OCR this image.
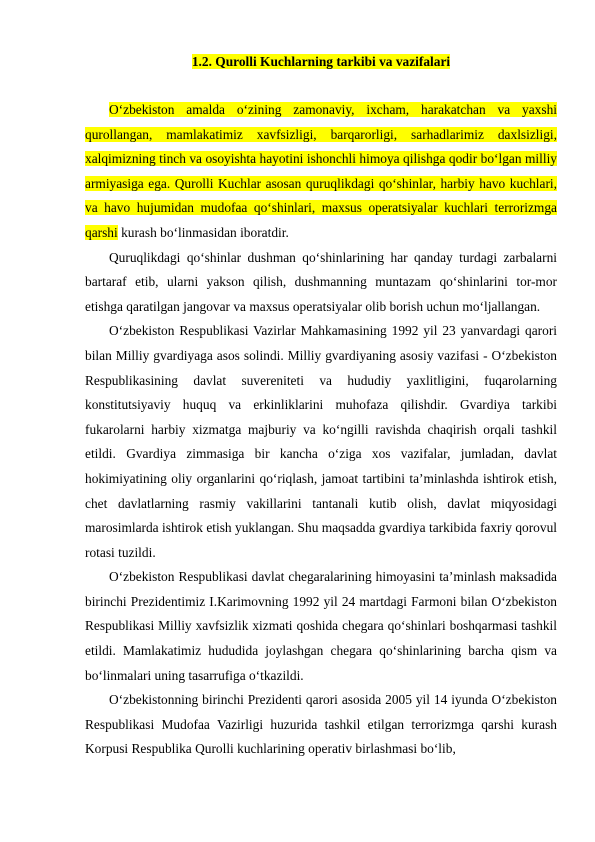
1.2. Qurolli Kuchlarning tarkibi va vazifalari

O‘zbekiston amalda o‘zining zamonaviy, ixcham, harakatchan va yaxshi qurollangan, mamlakatimiz xavfsizligi, barqarorligi, sarhadlarimiz daxlsizligi, xalqimizning tinch va osoyishta hayotini ishonchli himoya qilishga qodir bo‘lgan milliy armiyasiga ega. Qurolli Kuchlar asosan quruqlikdagi qo‘shinlar, harbiy havo kuchlari, va havo hujumidan mudofaa qo‘shinlari, maxsus operatsiyalar kuchlari terrorizmga qarshi kurash bo‘linmasidan iboratdir.

Quruqlikdagi qo‘shinlar dushman qo‘shinlarining har qanday turdagi zarbalarni bartaraf etib, ularni yakson qilish, dushmanning muntazam qo‘shinlarini tor-mor etishga qaratilgan jangovar va maxsus operatsiyalar olib borish uchun mo‘ljallangan.

O‘zbekiston Respublikasi Vazirlar Mahkamasining 1992 yil 23 yanvardagi qarori bilan Milliy gvardiyaga asos solindi. Milliy gvardiyaning asosiy vazifasi - O‘zbekiston Respublikasining davlat suvereniteti va hududiy yaxlitligini, fuqarolarning konstitutsiyaviy huquq va erkinliklarini muhofaza qilishdir. Gvardiya tarkibi fukarolarni harbiy xizmatga majburiy va ko‘ngilli ravishda chaqirish orqali tashkil etildi. Gvardiya zimmasiga bir kancha o‘ziga xos vazifalar, jumladan, davlat hokimiyatining oliy organlarini qo‘riqlash, jamoat tartibini ta’minlashda ishtirok etish, chet davlatlarning rasmiy vakillarini tantanali kutib olish, davlat miqyosidagi marosimlarda ishtirok etish yuklangan. Shu maqsadda gvardiya tarkibida faxriy qorovul rotasi tuzildi.

O‘zbekiston Respublikasi davlat chegaralarining himoyasini ta’minlash maksadida birinchi Prezidentimiz I.Karimovning 1992 yil 24 martdagi Farmoni bilan O‘zbekiston Respublikasi Milliy xavfsizlik xizmati qoshida chegara qo‘shinlari boshqarmasi tashkil etildi. Mamlakatimiz hududida joylashgan chegara qo‘shinlarining barcha qism va bo‘linmalari uning tasarrufiga o‘tkazildi.

O‘zbekistonning birinchi Prezidenti qarori asosida 2005 yil 14 iyunda O‘zbekiston Respublikasi Mudofaa Vazirligi huzurida tashkil etilgan terrorizmga qarshi kurash Korpusi Respublika Qurolli kuchlarining operativ birlashmasi bo‘lib,
